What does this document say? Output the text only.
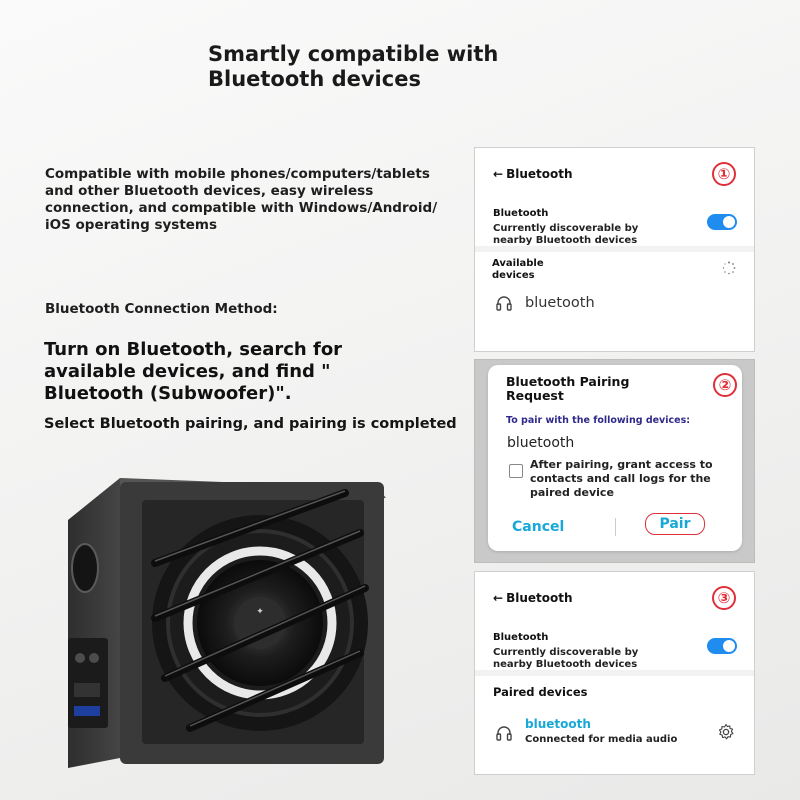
Smartly compatible with
Bluetooth devices

Compatible with mobile phones/computers/tablets and other Bluetooth devices, easy wireless connection, and compatible with Windows/Android/ iOS operating systems

Bluetooth Connection Method:

Turn on Bluetooth, search for available devices, and find " Bluetooth (Subwoofer)".

Select Bluetooth pairing, and pairing is completed

✦
← Bluetooth	①
Bluetooth
Currently discoverable by nearby Bluetooth devices
Available devices
bluetooth
Bluetooth Pairing Request
To pair with the following devices:
bluetooth
After pairing, grant access to contacts and call logs for the paired device
Cancel	Pair
②
← Bluetooth	③
Bluetooth
Currently discoverable by nearby Bluetooth devices
Paired devices
bluetooth
Connected for media audio
